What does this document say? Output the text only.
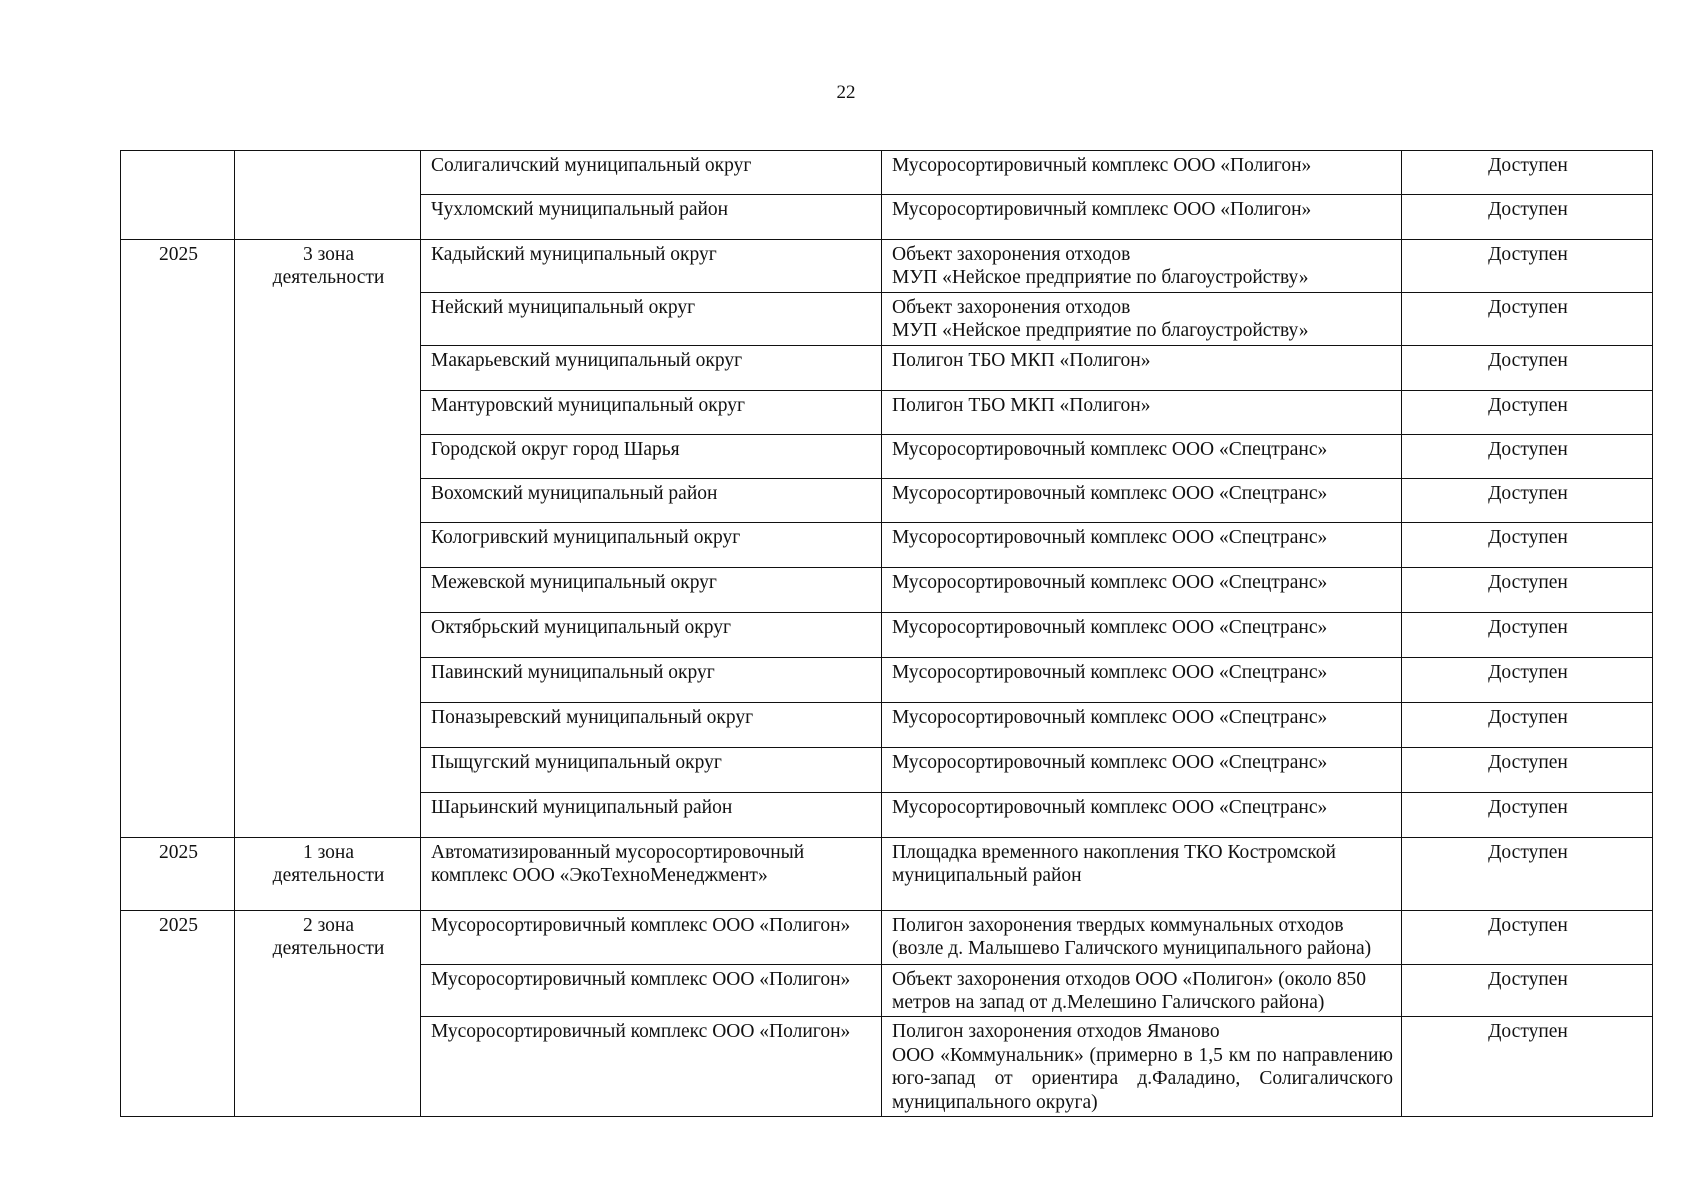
22
		Солигаличский муниципальный округ	Мусоросортировичный комплекс ООО «Полигон»	Доступен
		Чухломский муниципальный район	Мусоросортировичный комплекс ООО «Полигон»	Доступен
2025	3 зона деятельности	Кадыйский муниципальный округ	Объект захоронения отходов
МУП «Нейское предприятие по благоустройству»	Доступен
		Нейский муниципальный округ	Объект захоронения отходов
МУП «Нейское предприятие по благоустройству»	Доступен
		Макарьевский муниципальный округ	Полигон ТБО МКП «Полигон»	Доступен
		Мантуровский муниципальный округ	Полигон ТБО МКП «Полигон»	Доступен
		Городской округ город Шарья	Мусоросортировочный комплекс ООО «Спецтранс»	Доступен
		Вохомский муниципальный район	Мусоросортировочный комплекс ООО «Спецтранс»	Доступен
		Кологривский муниципальный округ	Мусоросортировочный комплекс ООО «Спецтранс»	Доступен
		Межевской муниципальный округ	Мусоросортировочный комплекс ООО «Спецтранс»	Доступен
		Октябрьский муниципальный округ	Мусоросортировочный комплекс ООО «Спецтранс»	Доступен
		Павинский муниципальный округ	Мусоросортировочный комплекс ООО «Спецтранс»	Доступен
		Поназыревский муниципальный округ	Мусоросортировочный комплекс ООО «Спецтранс»	Доступен
		Пыщугский муниципальный округ	Мусоросортировочный комплекс ООО «Спецтранс»	Доступен
		Шарьинский муниципальный район	Мусоросортировочный комплекс ООО «Спецтранс»	Доступен
2025	1 зона деятельности	Автоматизированный мусоросортировочный комплекс ООО «ЭкоТехноМенеджмент»	Площадка временного накопления ТКО Костромской муниципальный район	Доступен
2025	2 зона деятельности	Мусоросортировичный комплекс ООО «Полигон»	Полигон захоронения твердых коммунальных отходов (возле д. Малышево Галичского муниципального района)	Доступен
		Мусоросортировичный комплекс ООО «Полигон»	Объект захоронения отходов ООО «Полигон» (около 850 метров на запад от д.Мелешино Галичского района)	Доступен
		Мусоросортировичный комплекс ООО «Полигон»	Полигон захоронения отходов Яманово
ООО «Коммунальник» (примерно в 1,5 км по направлению юго-запад от ориентира д.Фаладино, Солигаличского муниципального округа)	Доступен
